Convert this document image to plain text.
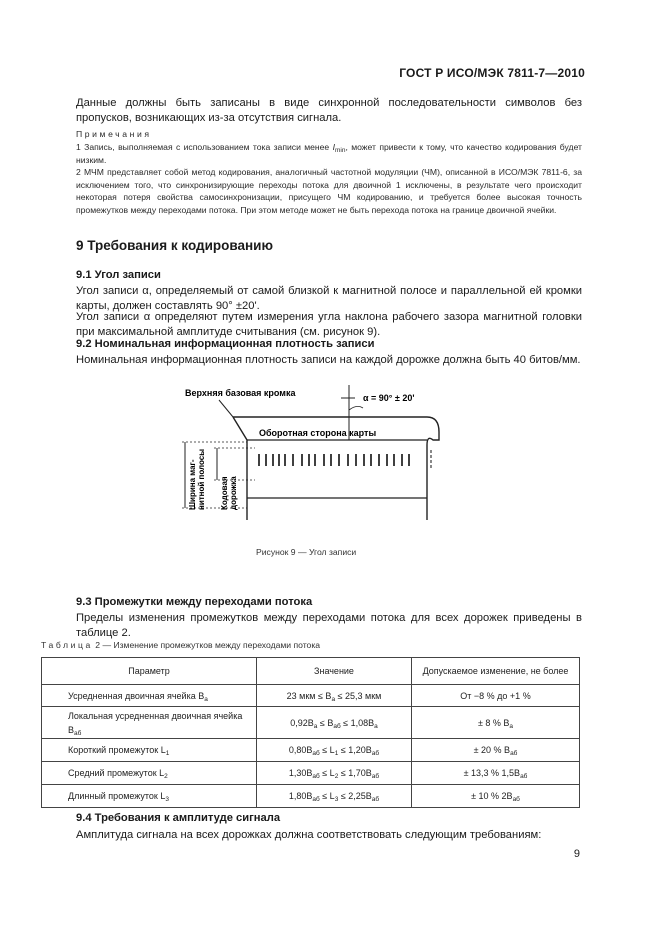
ГОСТ Р ИСО/МЭК 7811-7—2010
Данные должны быть записаны в виде синхронной последовательности символов без пропусков, возникающих из-за отсутствия сигнала.
Примечания
1 Запись, выполняемая с использованием тока записи менее $I_{min}$, может привести к тому, что качество кодирования будет низким.
2 МЧМ представляет собой метод кодирования, аналогичный частотной модуляции (ЧМ), описанной в ИСО/МЭК 7811-6, за исключением того, что синхронизирующие переходы потока для двоичной 1 исключены, в результате чего происходит некоторая потеря свойства самосинхронизации, присущего ЧМ кодированию, и требуется более высокая точность промежутков между переходами потока. При этом методе может не быть перехода потока на границе двоичной ячейки.
9 Требования к кодированию
9.1 Угол записи
Угол записи α, определяемый от самой близкой к магнитной полосе и параллельной ей кромки карты, должен составлять 90° ±20'.
Угол записи α определяют путем измерения угла наклона рабочего зазора магнитной головки при максимальной амплитуде считывания (см. рисунок 9).
9.2 Номинальная информационная плотность записи
Номинальная информационная плотность записи на каждой дорожке должна быть 40 битов/мм.
Верхняя базовая кромка	α = 90° ± 20'
Оборотная сторона карты
Ширина маг- нитной полосы Кодовая дорожка
Рисунок 9 — Угол записи
9.3 Промежутки между переходами потока
Пределы изменения промежутков между переходами потока для всех дорожек приведены в таблице 2.
Таблица 2 — Изменение промежутков между переходами потока
Параметр	Значение	Допускаемое изменение, не более
Усредненная двоичная ячейка $B_a$	23 мкм ≤ $B_a \le 25,3$ мкм	От −8 % до +1 %
Локальная усредненная двоичная ячейка $B_{аб}$	$0,92B_a \le B_{аб} \le 1,08B_a$	± 8 % $B_a$
Короткий промежуток $L_1$	$0,80B_{аб} \le L_1 \le 1,20B_{аб}$	± 20 % $B_{аб}$
Средний промежуток $L_2$	$1,30B_{аб} \le L_2 \le 1,70B_{аб}$	± 13,3 % $1,5B_{аб}$
Длинный промежуток $L_3$	$1,80B_{аб} \le L_3 \le 2,25B_{аб}$	± 10 % $2B_{аб}$
9.4 Требования к амплитуде сигнала
Амплитуда сигнала на всех дорожках должна соответствовать следующим требованиям:
9
